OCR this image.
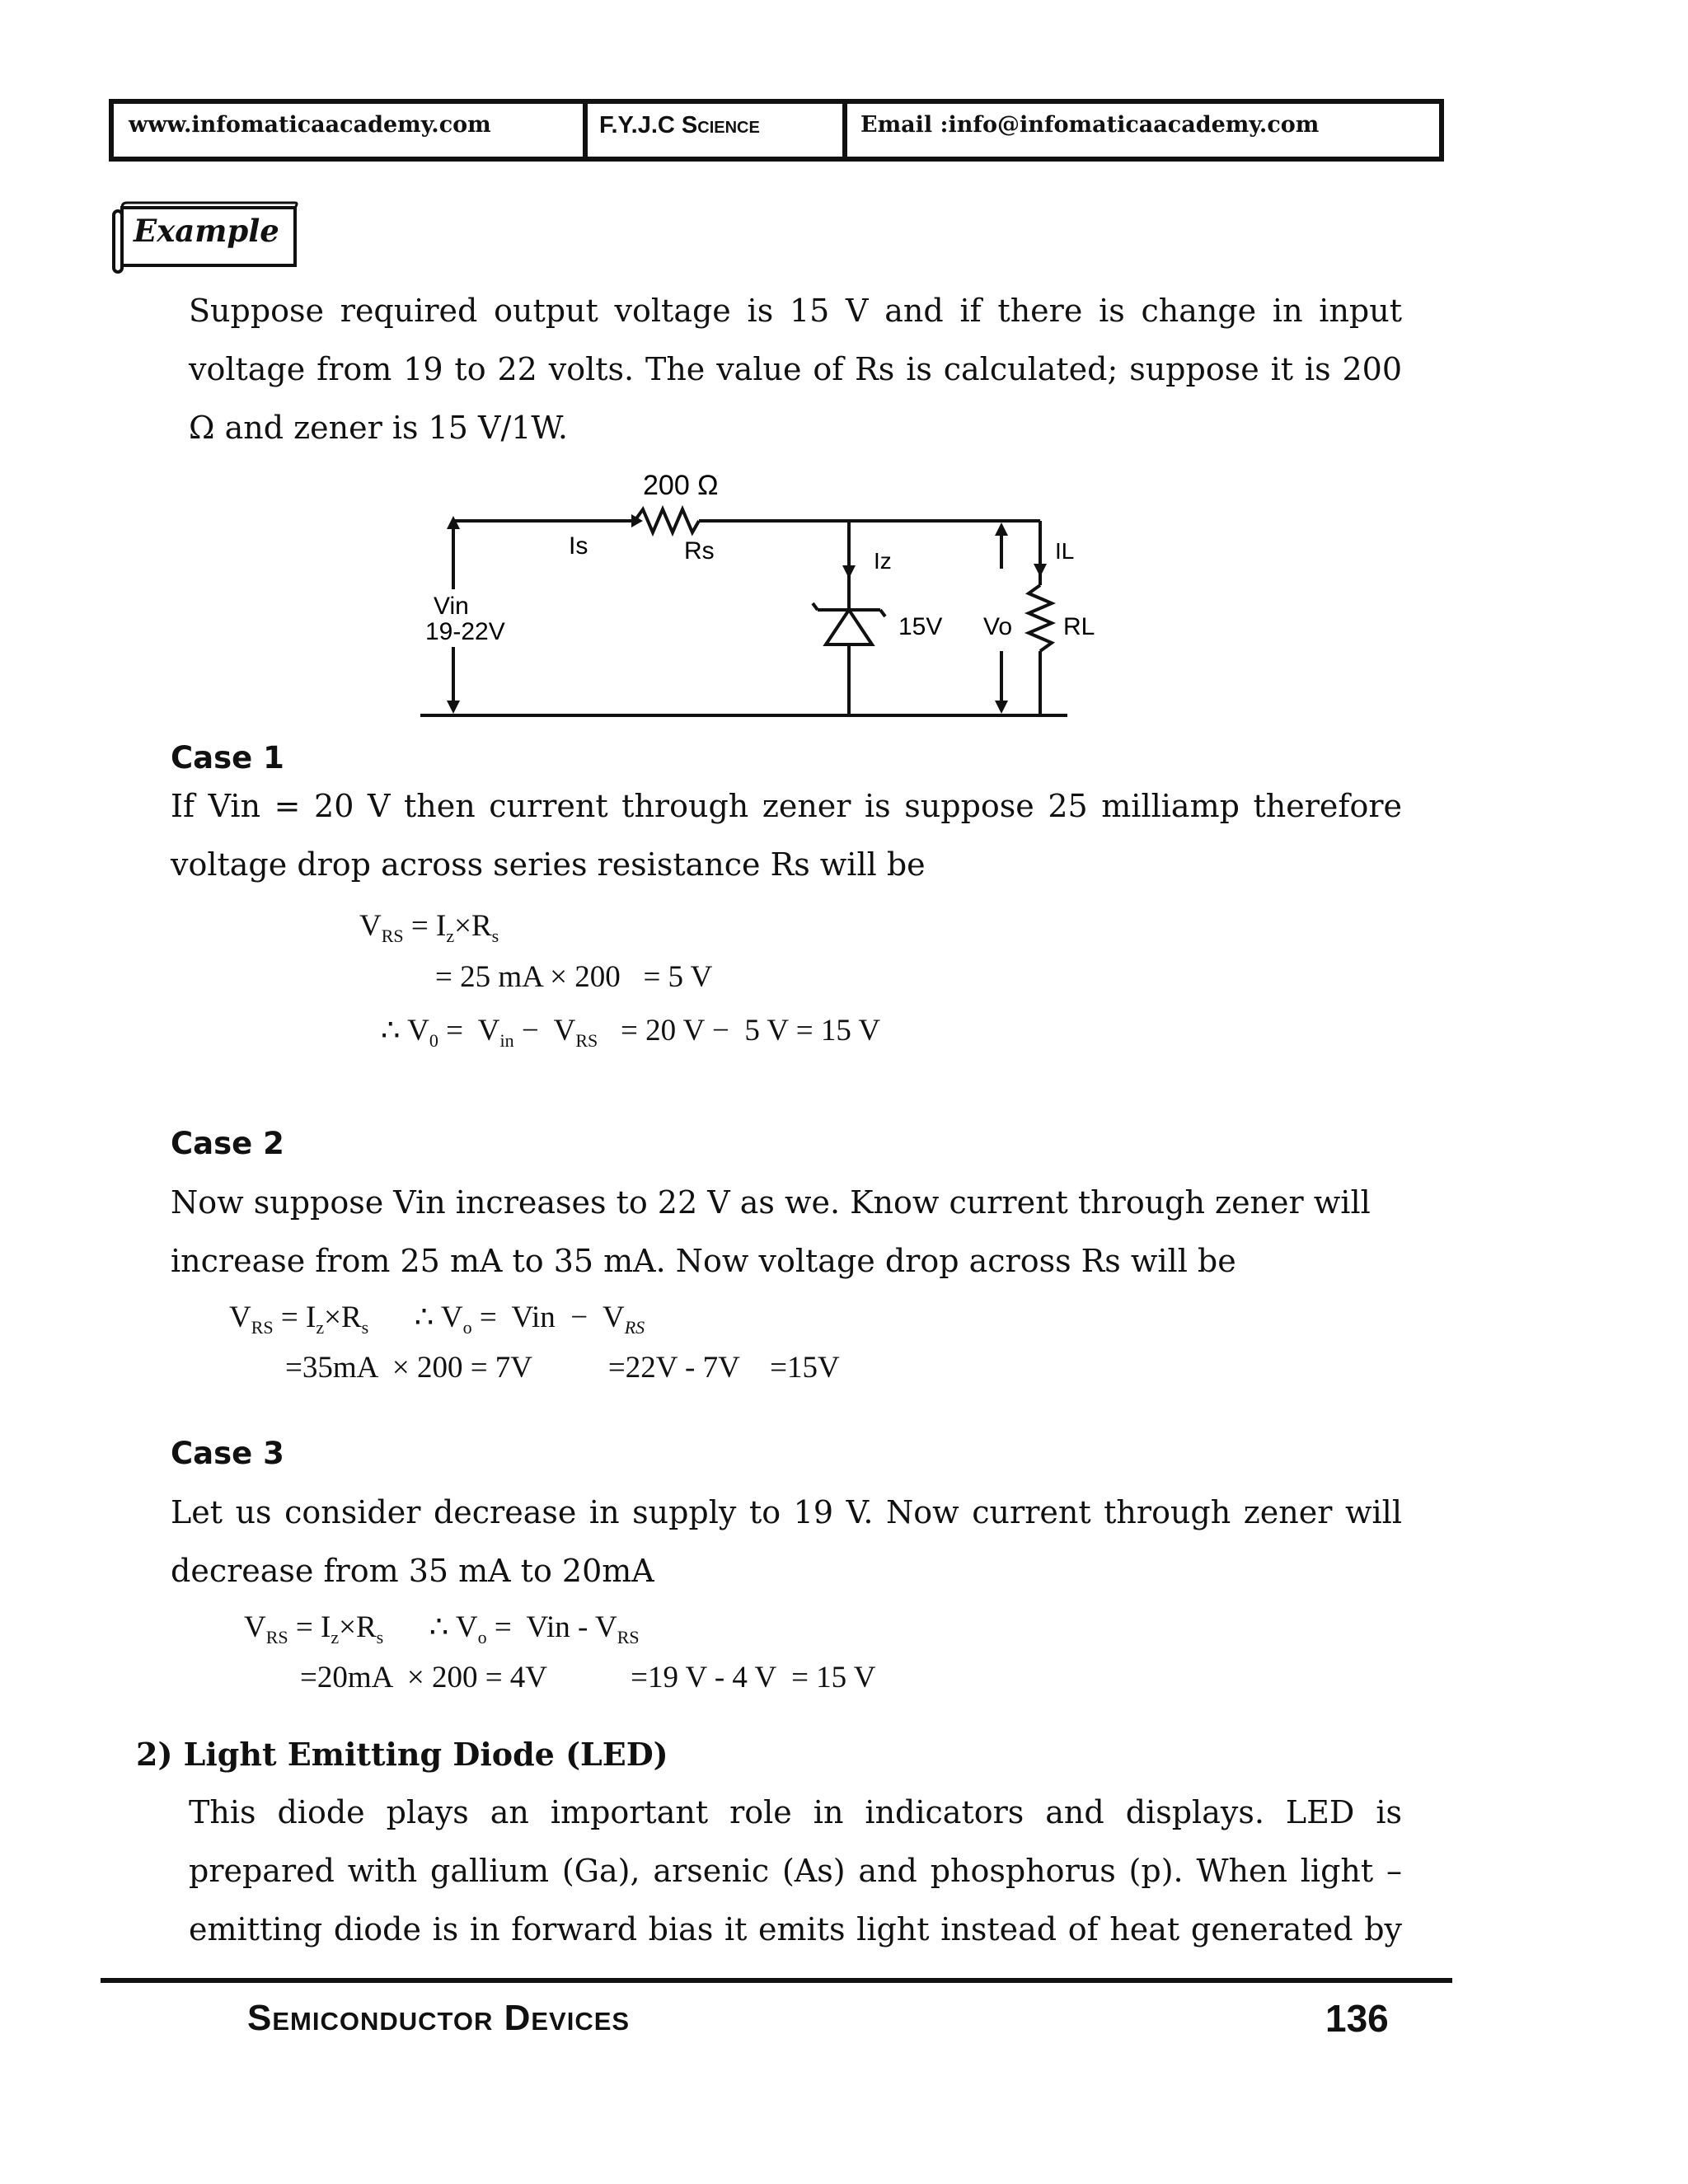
www.infomaticaacademy.com	F.Y.J.C Science	Email :info@infomaticaacademy.com
Example
Suppose required output voltage is 15 V and if there is change in input
voltage from 19 to 22 volts. The value of Rs is calculated; suppose it is 200
Ω and zener is 15 V/1W.
200 Ω
Is	Rs	Iz	IL
Vin
19-22V	15V Vo RL
Case 1
If Vin = 20 V then current through zener is suppose 25 milliamp therefore
voltage drop across series resistance Rs will be
$V_{RS} = I_z\times R_s$
= 25 mA × 200   = 5 V
∴ $V_0 = V_{in} - V_{RS} = 20$ V −  5 V = 15 V
Case 2
Now suppose Vin increases to 22 V as we. Know current through zener will
increase from 25 mA to 35 mA. Now voltage drop across Rs will be
$V_{RS} = I_z\times R_s$      ∴ $V_o$ =  Vin  −  $V_{RS}$
=35mA  × 200 = 7V          =22V - 7V    =15V
Case 3
Let us consider decrease in supply to 19 V. Now current through zener will
decrease from 35 mA to 20mA
$V_{RS} = I_z\times R_s$      ∴ $V_o$ =  Vin - $V_{RS}$
=20mA  × 200 = 4V           =19 V - 4 V  = 15 V
2) Light Emitting Diode (LED)
This diode plays an important role in indicators and displays. LED is
prepared with gallium (Ga), arsenic (As) and phosphorus (p). When light –
emitting diode is in forward bias it emits light instead of heat generated by
Semiconductor Devices	136
